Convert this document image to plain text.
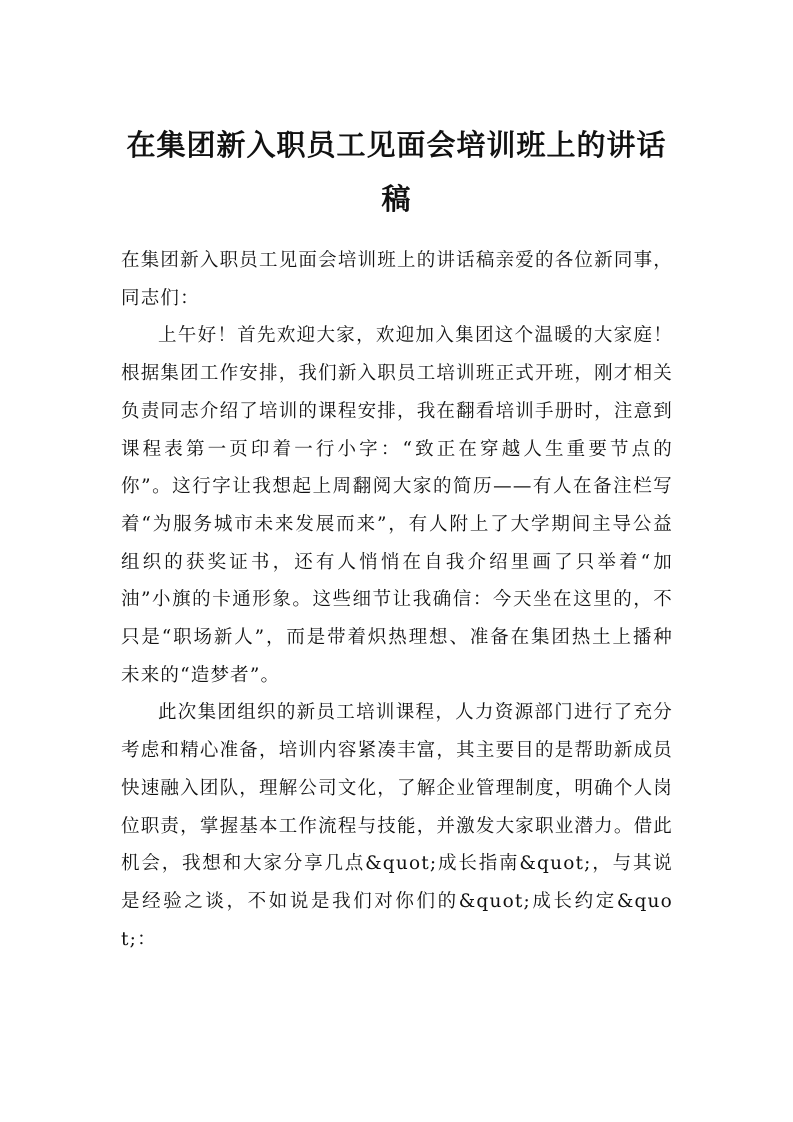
在集团新入职员工见面会培训班上的讲话稿

在集团新入职员工见面会培训班上的讲话稿亲爱的各位新同事，同志们：

上午好！首先欢迎大家，欢迎加入集团这个温暖的大家庭！根据集团工作安排，我们新入职员工培训班正式开班，刚才相关负责同志介绍了培训的课程安排，我在翻看培训手册时，注意到课程表第一页印着一行小字：“致正在穿越人生重要节点的你”。这行字让我想起上周翻阅大家的简历——有人在备注栏写着“为服务城市未来发展而来”，有人附上了大学期间主导公益组织的获奖证书，还有人悄悄在自我介绍里画了只举着“加油”小旗的卡通形象。这些细节让我确信：今天坐在这里的，不只是“职场新人”，而是带着炽热理想、准备在集团热土上播种未来的“造梦者”。

此次集团组织的新员工培训课程，人力资源部门进行了充分考虑和精心准备，培训内容紧凑丰富，其主要目的是帮助新成员快速融入团队，理解公司文化，了解企业管理制度，明确个人岗位职责，掌握基本工作流程与技能，并激发大家职业潜力。借此机会，我想和大家分享几点&quot;成长指南&quot;，与其说是经验之谈，不如说是我们对你们的&quot;成长约定&quot;：
